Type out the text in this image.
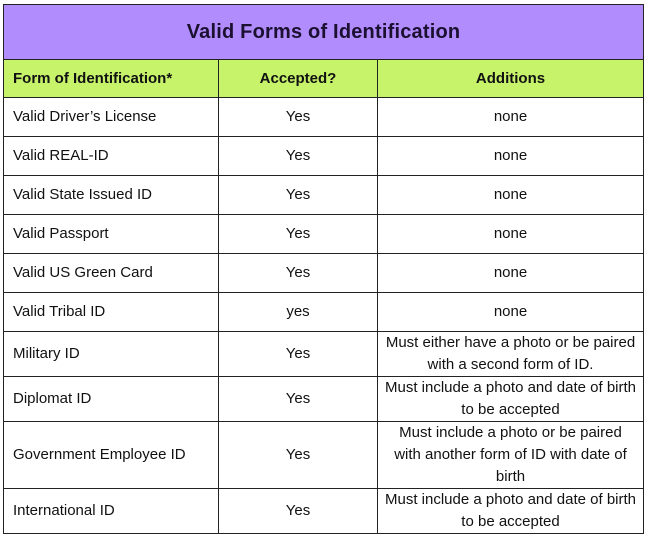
Valid Forms of Identification		
Form of Identification*	Accepted?	Additions
Valid Driver’s License	Yes	none
Valid REAL-ID	Yes	none
Valid State Issued ID	Yes	none
Valid Passport	Yes	none
Valid US Green Card	Yes	none
Valid Tribal ID	yes	none
Military ID	Yes	Must either have a photo or be paired with a second form of ID.
Diplomat ID	Yes	Must include a photo and date of birth to be accepted
Government Employee ID	Yes	Must include a photo or be paired with another form of ID with date of birth
International ID	Yes	Must include a photo and date of birth to be accepted
